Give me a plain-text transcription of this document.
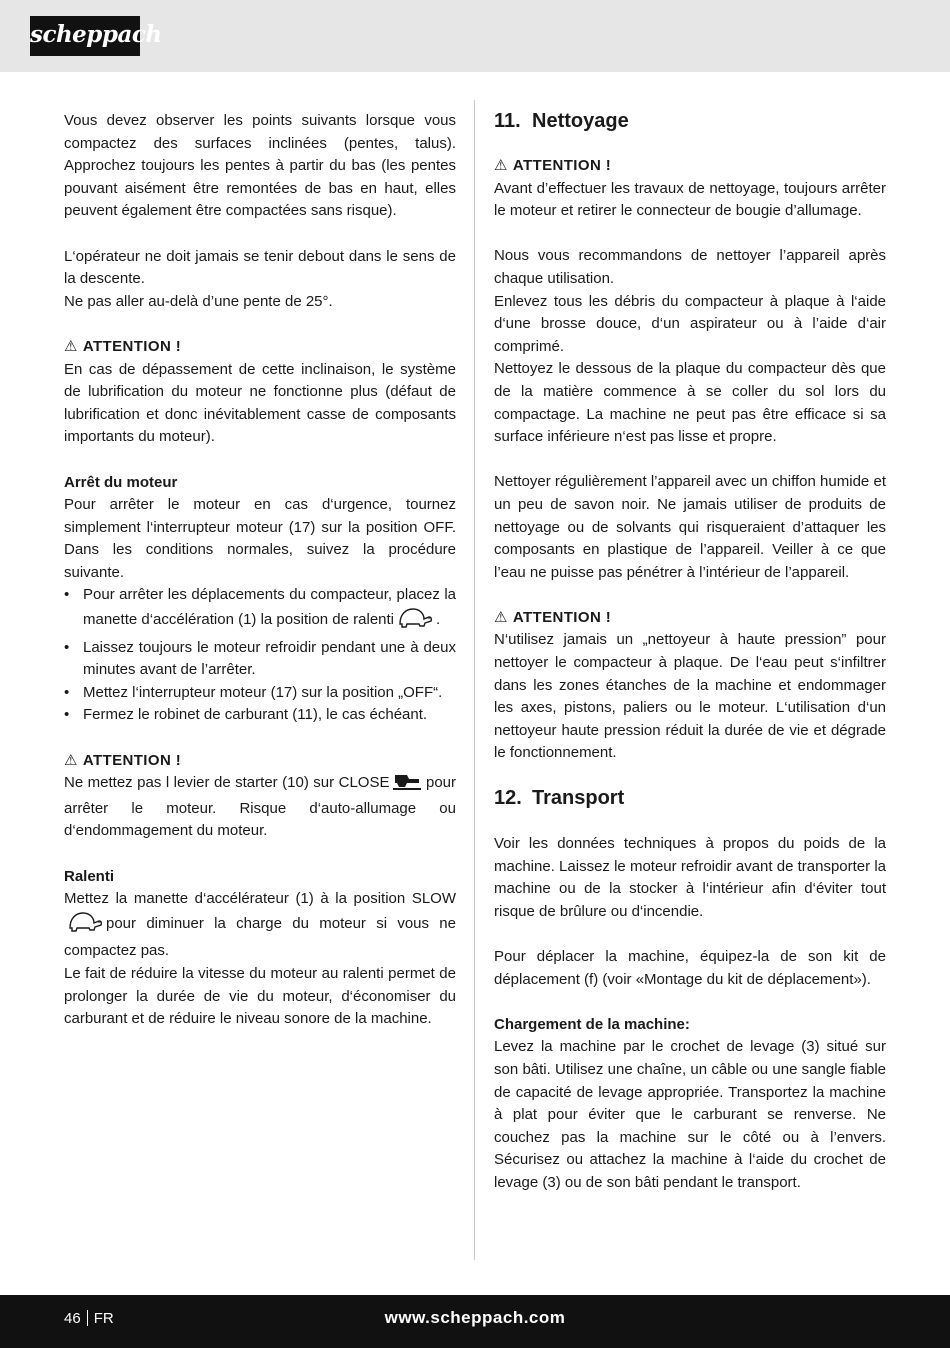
scheppach

Vous devez observer les points suivants lorsque vous compactez des surfaces inclinées (pentes, talus). Approchez toujours les pentes à partir du bas (les pentes pouvant aisément être remontées de bas en haut, elles peuvent également être compactées sans risque).

L‘opérateur ne doit jamais se tenir debout dans le sens de la descente.

Ne pas aller au-delà d’une pente de 25°.

⚠ ATTENTION !

En cas de dépassement de cette inclinaison, le système de lubrification du moteur ne fonctionne plus (défaut de lubrification et donc inévitablement casse de composants importants du moteur).

Arrêt du moteur

Pour arrêter le moteur en cas d‘urgence, tournez simplement l‘interrupteur moteur (17) sur la position OFF. Dans les conditions normales, suivez la procédure suivante.

• Pour arrêter les déplacements du compacteur, placez la manette d‘accélération (1) la position de ralenti	.
• Laissez toujours le moteur refroidir pendant une à deux minutes avant de l’arrêter.
• Mettez l‘interrupteur moteur (17) sur la position „OFF“.
• Fermez le robinet de carburant (11), le cas échéant.

⚠ ATTENTION !

Ne mettez pas l levier de starter (10) sur CLOSE pour arrêter le moteur. Risque d‘auto-allumage ou d‘endommagement du moteur.

Ralenti

Mettez la manette d‘accélérateur (1) à la position SLOWpour diminuer la charge du moteur si vous ne compactez pas.

Le fait de réduire la vitesse du moteur au ralenti permet de prolonger la durée de vie du moteur, d‘économiser du carburant et de réduire le niveau sonore de la machine.

11. Nettoyage

⚠ ATTENTION !

Avant d’effectuer les travaux de nettoyage, toujours arrêter le moteur et retirer le connecteur de bougie d’allumage.

Nous vous recommandons de nettoyer l’appareil après chaque utilisation.

Enlevez tous les débris du compacteur à plaque à l‘aide d‘une brosse douce, d‘un aspirateur ou à l’aide d‘air comprimé.

Nettoyez le dessous de la plaque du compacteur dès que de la matière commence à se coller du sol lors du compactage. La machine ne peut pas être efficace si sa surface inférieure n‘est pas lisse et propre.

Nettoyer régulièrement l’appareil avec un chiffon humide et un peu de savon noir. Ne jamais utiliser de produits de nettoyage ou de solvants qui risqueraient d’attaquer les composants en plastique de l’appareil. Veiller à ce que l’eau ne puisse pas pénétrer à l’intérieur de l’appareil.

⚠ ATTENTION !

N‘utilisez jamais un „nettoyeur à haute pression” pour nettoyer le compacteur à plaque. De l‘eau peut s‘infiltrer dans les zones étanches de la machine et endommager les axes, pistons, paliers ou le moteur. L‘utilisation d‘un nettoyeur haute pression réduit la durée de vie et dégrade le fonctionnement.

12. Transport

Voir les données techniques à propos du poids de la machine. Laissez le moteur refroidir avant de transporter la machine ou de la stocker à l‘intérieur afin d‘éviter tout risque de brûlure ou d‘incendie.

Pour déplacer la machine, équipez-la de son kit de déplacement (f) (voir «Montage du kit de déplacement»).

Chargement de la machine:

Levez la machine par le crochet de levage (3) situé sur son bâti. Utilisez une chaîne, un câble ou une sangle fiable de capacité de levage appropriée. Transportez la machine à plat pour éviter que le carburant se renverse. Ne couchez pas la machine sur le côté ou à l’envers. Sécurisez ou attachez la machine à l‘aide du crochet de levage (3) ou de son bâti pendant le transport.

46 FR	www.scheppach.com
